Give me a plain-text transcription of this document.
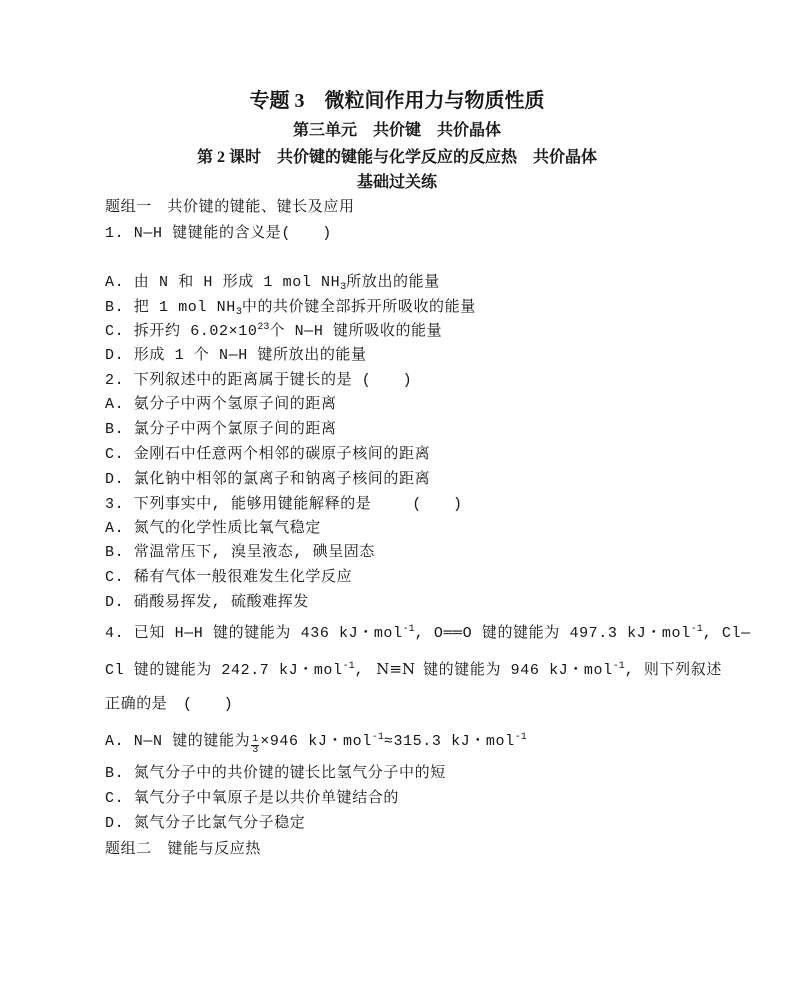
专题 3　微粒间作用力与物质性质
第三单元　共价键　共价晶体
第 2 课时　共价键的键能与化学反应的反应热　共价晶体
基础过关练
题组一　共价键的键能、键长及应用
1. N—H 键键能的含义是(　　)
A. 由 N 和 H 形成 1 mol $NH_3$所放出的能量
B. 把 1 mol $NH_3$中的共价键全部拆开所吸收的能量
C. 拆开约 $6.02\times 10^{23}$个 N—H 键所吸收的能量
D. 形成 1 个 N—H 键所放出的能量
2. 下列叙述中的距离属于键长的是 (　　)
A. 氨分子中两个氢原子间的距离
B. 氯分子中两个氯原子间的距离
C. 金刚石中任意两个相邻的碳原子核间的距离
D. 氯化钠中相邻的氯离子和钠离子核间的距离
3. 下列事实中, 能够用键能解释的是　　 (　　)
A. 氮气的化学性质比氧气稳定
B. 常温常压下, 溴呈液态, 碘呈固态
C. 稀有气体一般很难发生化学反应
D. 硝酸易挥发, 硫酸难挥发
4. 已知 H—H 键的键能为 436 kJ・mol$^{-1}$, O══O 键的键能为 497.3 kJ・mol$^{-1}$, Cl—
Cl 键的键能为 242.7 kJ・mol$^{-1}$, N≡N 键的键能为 946 kJ・mol$^{-1}$, 则下列叙述
正确的是　(　　)
A. N—N 键的键能为 $\frac{1}{3} \times 946$ kJ・mol$^{-1}$≈315.3 kJ・mol$^{-1}$
B. 氮气分子中的共价键的键长比氢气分子中的短
C. 氧气分子中氧原子是以共价单键结合的
D. 氮气分子比氯气分子稳定
题组二　键能与反应热
